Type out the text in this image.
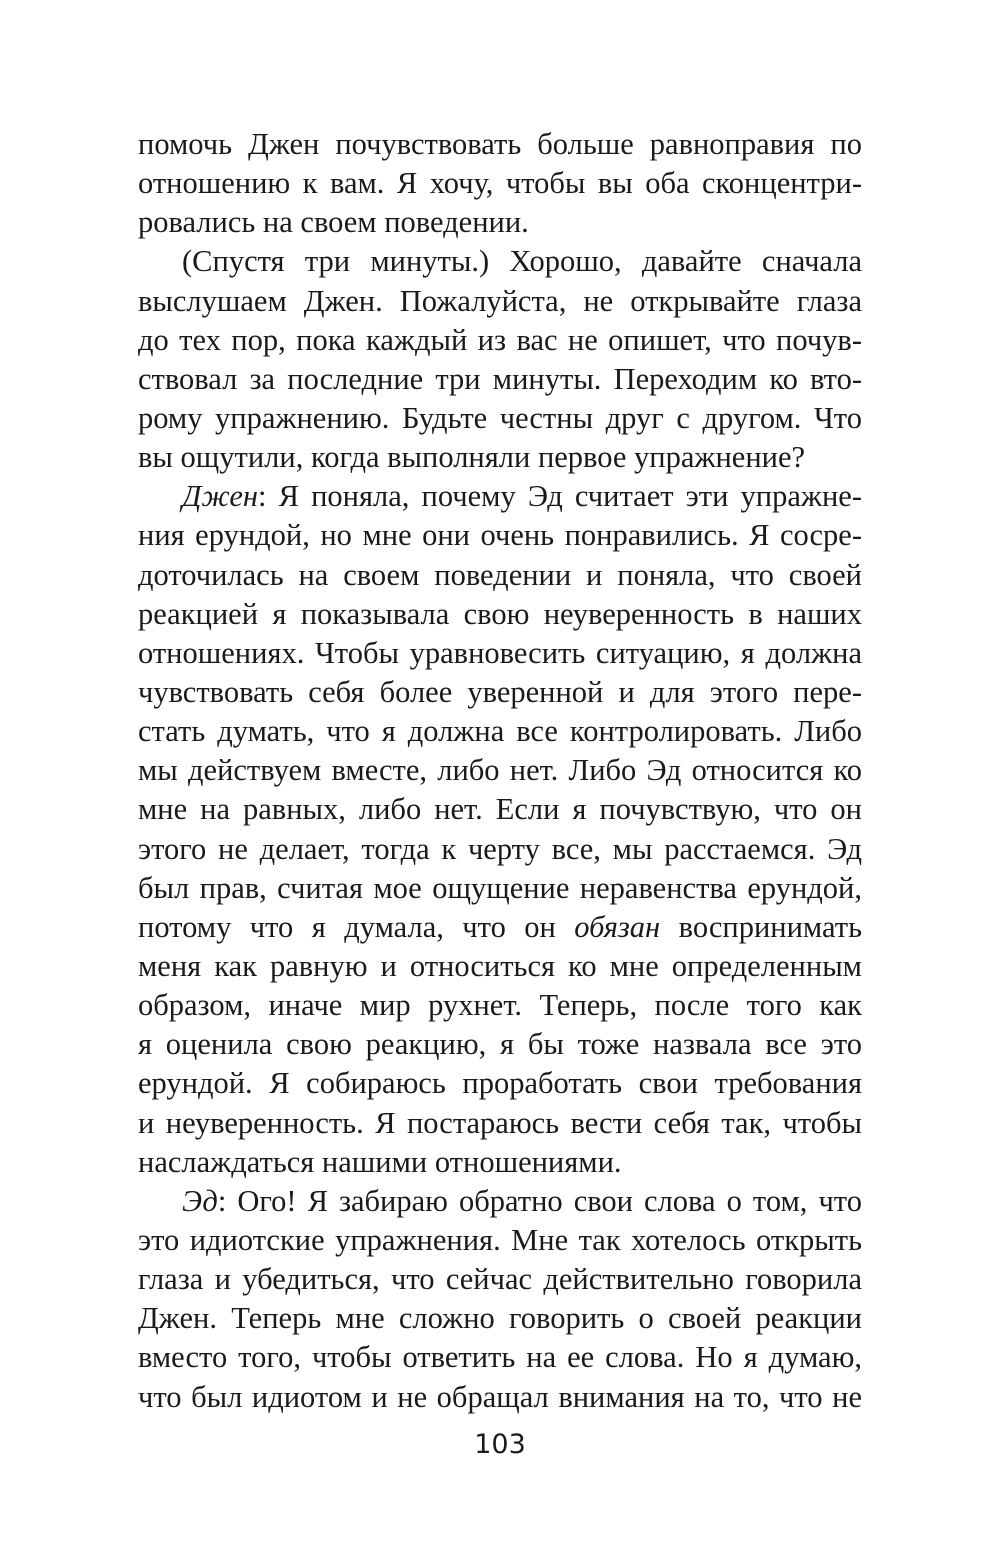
помочь Джен почувствовать больше равноправия по
отношению к вам. Я хочу, чтобы вы оба сконцентри-
ровались на своем поведении.
(Спустя три минуты.) Хорошо, давайте сначала
выслушаем Джен. Пожалуйста, не открывайте глаза
до тех пор, пока каждый из вас не опишет, что почув-
ствовал за последние три минуты. Переходим ко вто-
рому упражнению. Будьте честны друг с другом. Что
вы ощутили, когда выполняли первое упражнение?
Джен: Я поняла, почему Эд считает эти упражне-
ния ерундой, но мне они очень понравились. Я сосре-
доточилась на своем поведении и поняла, что своей
реакцией я показывала свою неуверенность в наших
отношениях. Чтобы уравновесить ситуацию, я должна
чувствовать себя более уверенной и для этого пере-
стать думать, что я должна все контролировать. Либо
мы действуем вместе, либо нет. Либо Эд относится ко
мне на равных, либо нет. Если я почувствую, что он
этого не делает, тогда к черту все, мы расстаемся. Эд
был прав, считая мое ощущение неравенства ерундой,
потому что я думала, что он обязан воспринимать
меня как равную и относиться ко мне определенным
образом, иначе мир рухнет. Теперь, после того как
я оценила свою реакцию, я бы тоже назвала все это
ерундой. Я собираюсь проработать свои требования
и неуверенность. Я постараюсь вести себя так, чтобы
наслаждаться нашими отношениями.
Эд: Ого! Я забираю обратно свои слова о том, что
это идиотские упражнения. Мне так хотелось открыть
глаза и убедиться, что сейчас действительно говорила
Джен. Теперь мне сложно говорить о своей реакции
вместо того, чтобы ответить на ее слова. Но я думаю,
что был идиотом и не обращал внимания на то, что не
103
